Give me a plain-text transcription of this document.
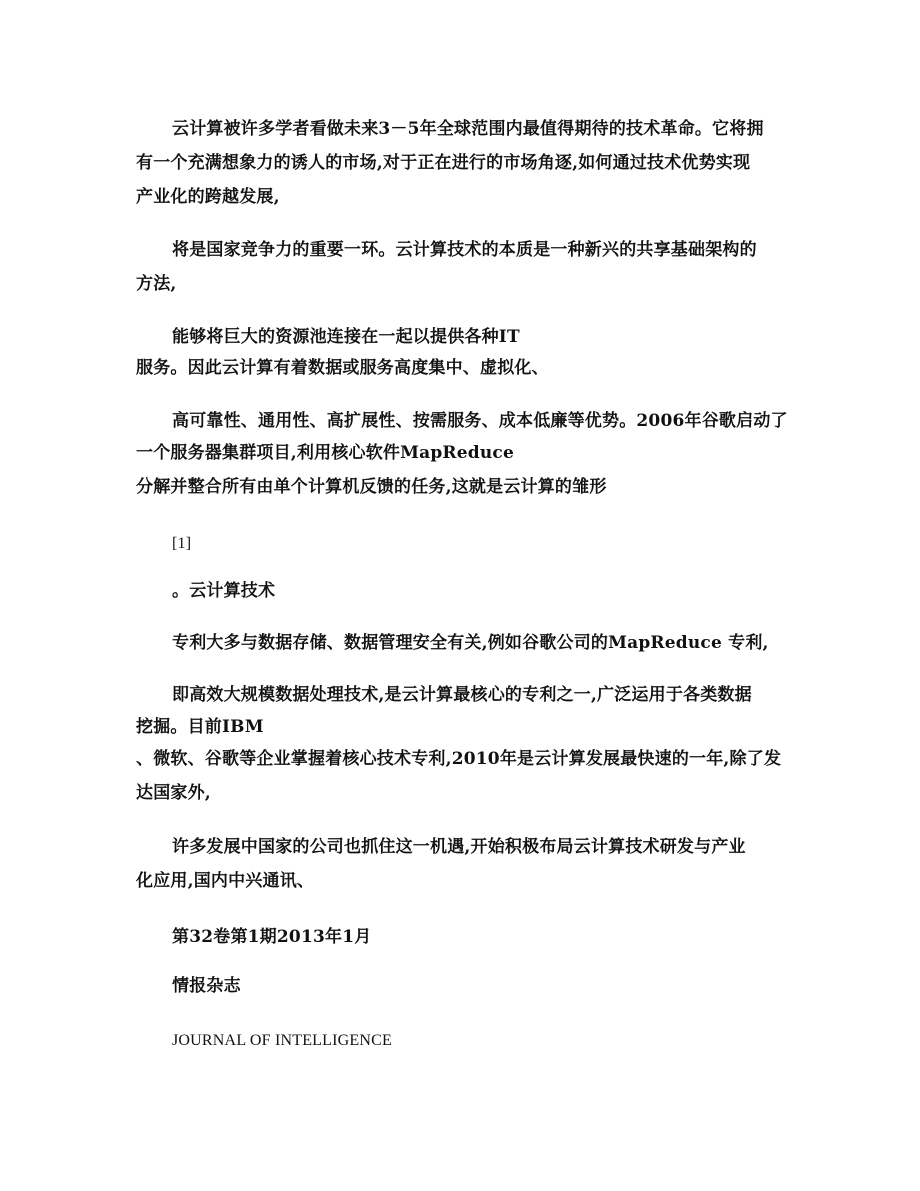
云计算被许多学者看做未来3－5年全球范围内最值得期待的技术革命。它将拥
有一个充满想象力的诱人的市场,对于正在进行的市场角逐,如何通过技术优势实现
产业化的跨越发展,
将是国家竞争力的重要一环。云计算技术的本质是一种新兴的共享基础架构的
方法,
能够将巨大的资源池连接在一起以提供各种IT
服务。因此云计算有着数据或服务高度集中、虚拟化、
高可靠性、通用性、高扩展性、按需服务、成本低廉等优势。2006年谷歌启动了
一个服务器集群项目,利用核心软件MapReduce
分解并整合所有由单个计算机反馈的任务,这就是云计算的雏形
[1]
。云计算技术
专利大多与数据存储、数据管理安全有关,例如谷歌公司的MapReduce 专利,
即高效大规模数据处理技术,是云计算最核心的专利之一,广泛运用于各类数据
挖掘。目前IBM
、微软、谷歌等企业掌握着核心技术专利,2010年是云计算发展最快速的一年,除了发
达国家外,
许多发展中国家的公司也抓住这一机遇,开始积极布局云计算技术研发与产业
化应用,国内中兴通讯、
第32卷第1期2013年1月
情报杂志
JOURNAL OF INTELLIGENCE
